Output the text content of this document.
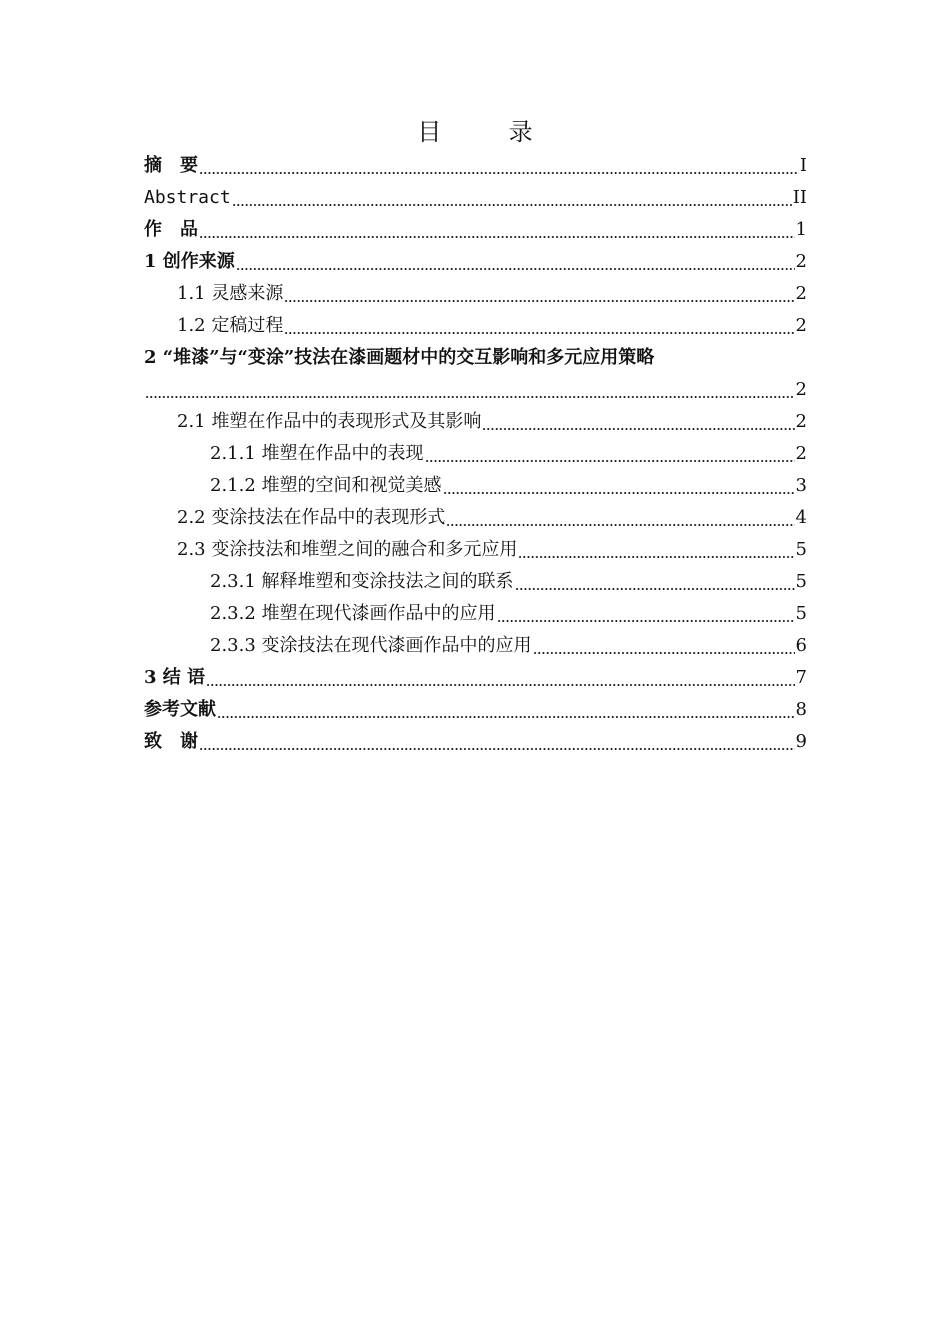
目　录
摘　要	I
Abstract	II
作　品	1
1 创作来源	2
1.1 灵感来源	2
1.2 定稿过程	2
2 “堆漆”与“变涂”技法在漆画题材中的交互影响和多元应用策略
2
2.1 堆塑在作品中的表现形式及其影响	2
2.1.1 堆塑在作品中的表现	2
2.1.2 堆塑的空间和视觉美感	3
2.2 变涂技法在作品中的表现形式	4
2.3 变涂技法和堆塑之间的融合和多元应用	5
2.3.1 解释堆塑和变涂技法之间的联系	5
2.3.2 堆塑在现代漆画作品中的应用	5
2.3.3 变涂技法在现代漆画作品中的应用	6
3 结 语	7
参考文献	8
致　谢	9
